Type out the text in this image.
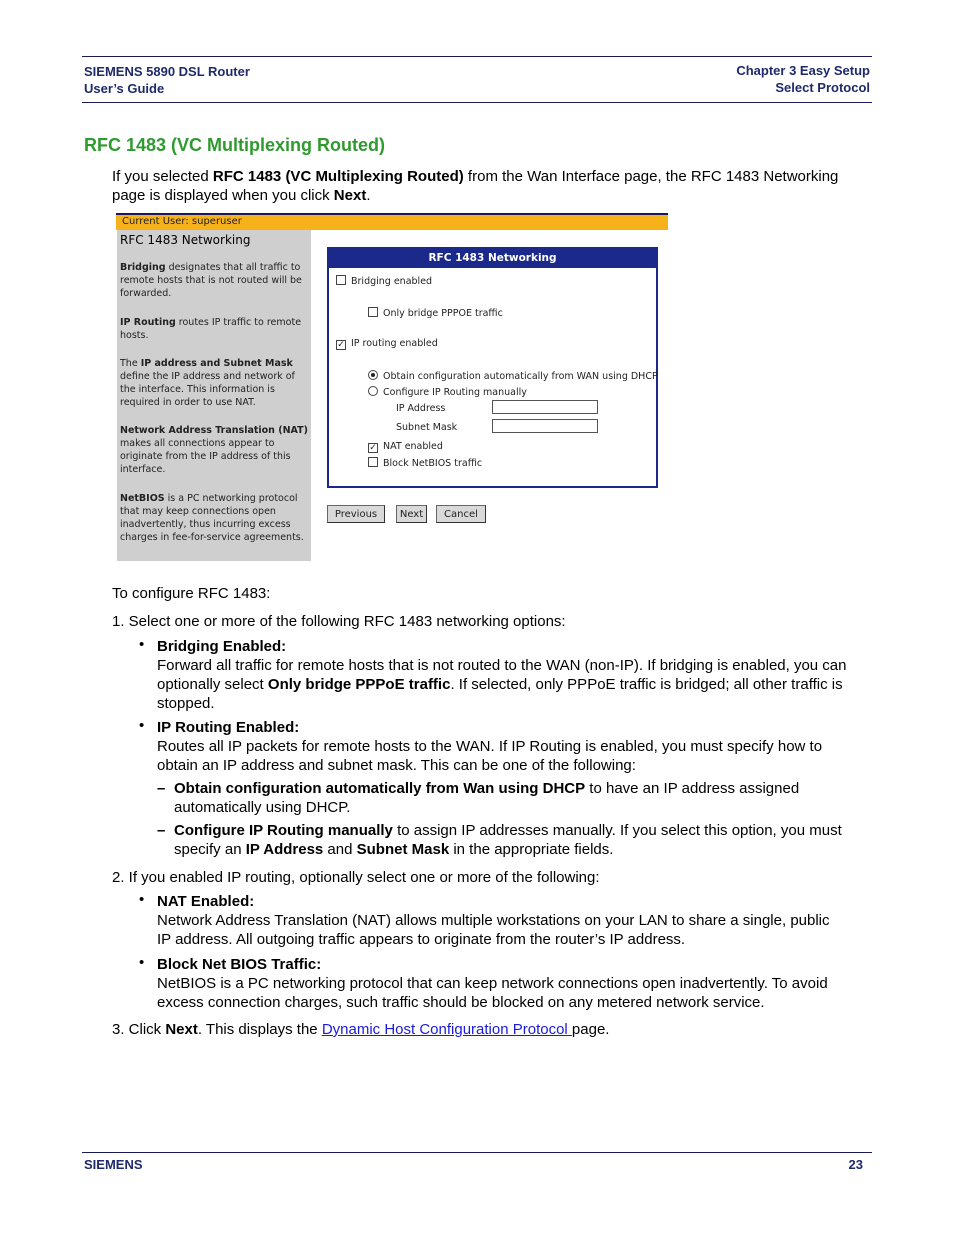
SIEMENS 5890 DSL Router
User’s Guide
Chapter 3 Easy Setup
Select Protocol
RFC 1483 (VC Multiplexing Routed)
If you selected RFC 1483 (VC Multiplexing Routed) from the Wan Interface page, the RFC 1483 Networking
page is displayed when you click Next.
Current User: superuser
RFC 1483 Networking
Bridging designates that all traffic to remote hosts that is not routed will be forwarded.
IP Routing routes IP traffic to remote hosts.
The IP address and Subnet Mask define the IP address and network of the interface. This information is required in order to use NAT.
Network Address Translation (NAT) makes all connections appear to originate from the IP address of this interface.
NetBIOS is a PC networking protocol that may keep connections open inadvertently, thus incurring excess charges in fee-for-service agreements.
RFC 1483 Networking
Bridging enabled
Only bridge PPPOE traffic
✓ IP routing enabled
Obtain configuration automatically from WAN using DHCP
Configure IP Routing manually
IP Address
Subnet Mask
✓ NAT enabled
Block NetBIOS traffic
Previous	Next	Cancel
To configure RFC 1483:
1. Select one or more of the following RFC 1483 networking options:
• Bridging Enabled:
Forward all traffic for remote hosts that is not routed to the WAN (non-IP). If bridging is enabled, you can
optionally select Only bridge PPPoE traffic. If selected, only PPPoE traffic is bridged; all other traffic is
stopped.
• IP Routing Enabled:
Routes all IP packets for remote hosts to the WAN. If IP Routing is enabled, you must specify how to
obtain an IP address and subnet mask. This can be one of the following:
– Obtain configuration automatically from Wan using DHCP to have an IP address assigned
automatically using DHCP.
– Configure IP Routing manually to assign IP addresses manually. If you select this option, you must
specify an IP Address and Subnet Mask in the appropriate fields.
2. If you enabled IP routing, optionally select one or more of the following:
• NAT Enabled:
Network Address Translation (NAT) allows multiple workstations on your LAN to share a single, public
IP address. All outgoing traffic appears to originate from the router’s IP address.
• Block Net BIOS Traffic:
NetBIOS is a PC networking protocol that can keep network connections open inadvertently. To avoid
excess connection charges, such traffic should be blocked on any metered network service.
3. Click Next. This displays the Dynamic Host Configuration Protocol page.
SIEMENS	23
